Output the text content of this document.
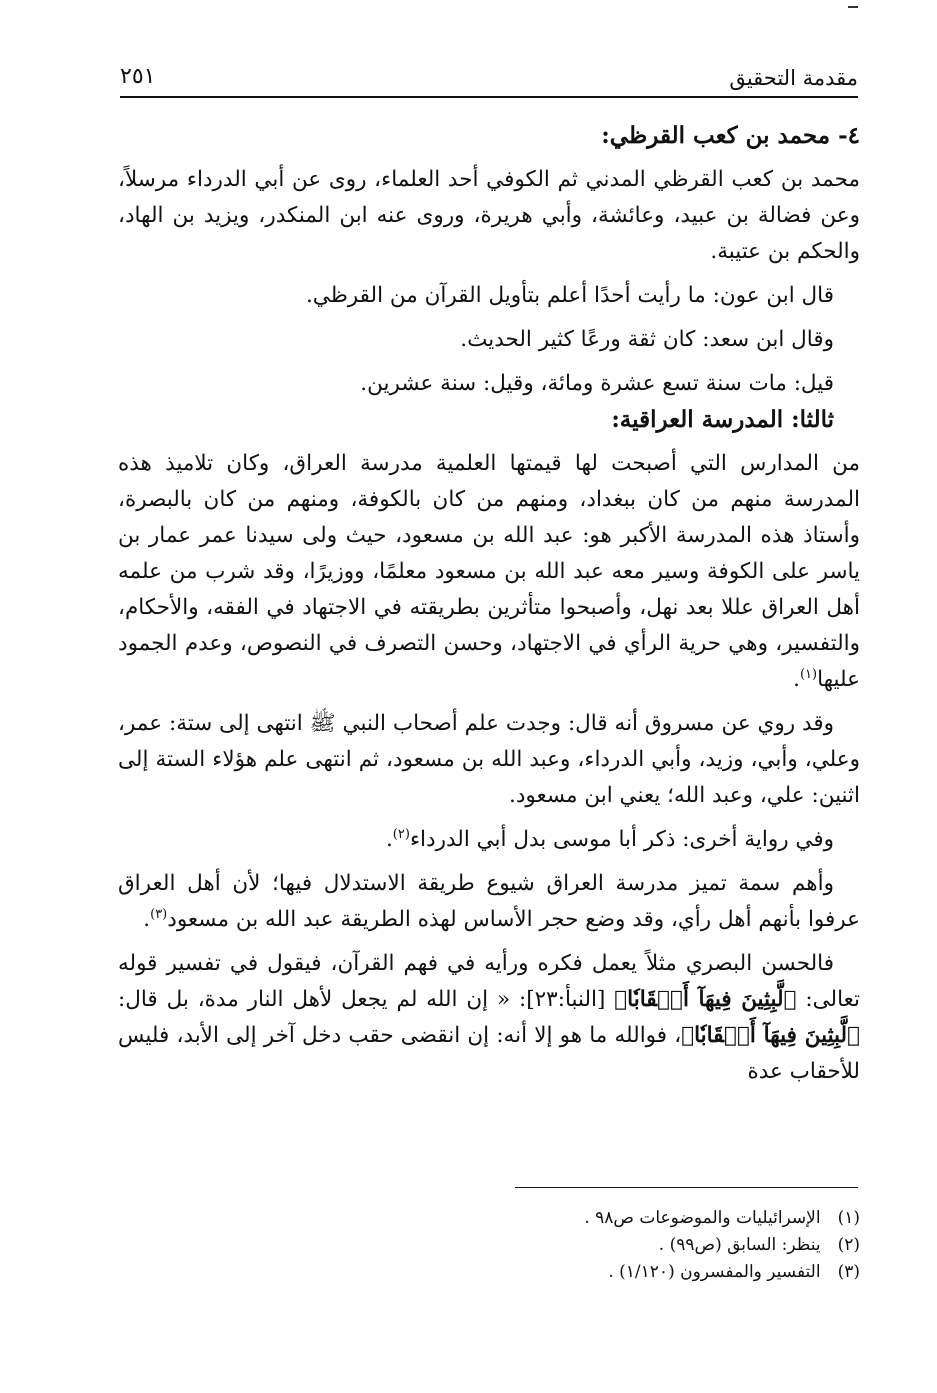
مقدمة التحقيق
٢٥١

٤- محمد بن كعب القرظي:

محمد بن كعب القرظي المدني ثم الكوفي أحد العلماء، روى عن أبي الدرداء مرسلاً، وعن فضالة بن عبيد، وعائشة، وأبي هريرة، وروى عنه ابن المنكدر، ويزيد بن الهاد، والحكم بن عتيبة.

قال ابن عون: ما رأيت أحدًا أعلم بتأويل القرآن من القرظي.

وقال ابن سعد: كان ثقة ورعًا كثير الحديث.

قيل: مات سنة تسع عشرة ومائة، وقيل: سنة عشرين.

ثالثا: المدرسة العراقية:

من المدارس التي أصبحت لها قيمتها العلمية مدرسة العراق، وكان تلاميذ هذه المدرسة منهم من كان ببغداد، ومنهم من كان بالكوفة، ومنهم من كان بالبصرة، وأستاذ هذه المدرسة الأكبر هو: عبد الله بن مسعود، حيث ولى سيدنا عمر عمار بن ياسر على الكوفة وسير معه عبد الله بن مسعود معلمًا، ووزيرًا، وقد شرب من علمه أهل العراق عللا بعد نهل، وأصبحوا متأثرين بطريقته في الاجتهاد في الفقه، والأحكام، والتفسير، وهي حرية الرأي في الاجتهاد، وحسن التصرف في النصوص، وعدم الجمود عليها$^{(١)}$.

وقد روي عن مسروق أنه قال: وجدت علم أصحاب النبي ﷺ انتهى إلى ستة: عمر، وعلي، وأبي، وزيد، وأبي الدرداء، وعبد الله بن مسعود، ثم انتهى علم هؤلاء الستة إلى اثنين: علي، وعبد الله؛ يعني ابن مسعود.

وفي رواية أخرى: ذكر أبا موسى بدل أبي الدرداء$^{(٢)}$.

وأهم سمة تميز مدرسة العراق شيوع طريقة الاستدلال فيها؛ لأن أهل العراق عرفوا بأنهم أهل رأي، وقد وضع حجر الأساس لهذه الطريقة عبد الله بن مسعود$^{(٣)}$.

فالحسن البصري مثلاً يعمل فكره ورأيه في فهم القرآن، فيقول في تفسير قوله تعالى: ﴿لَّبِثِينَ فِيهَآ أَحۡقَابٗا﴾ [النبأ:٢٣]: « إن الله لم يجعل لأهل النار مدة، بل قال: ﴿لَّبِثِينَ فِيهَآ أَحۡقَابٗا﴾، فوالله ما هو إلا أنه: إن انقضى حقب دخل آخر إلى الأبد، فليس للأحقاب عدة

(١) الإسرائيليات والموضوعات ص٩٨ .
(٢) ينظر: السابق (ص٩٩) .
(٣) التفسير والمفسرون (١/١٢٠) .
